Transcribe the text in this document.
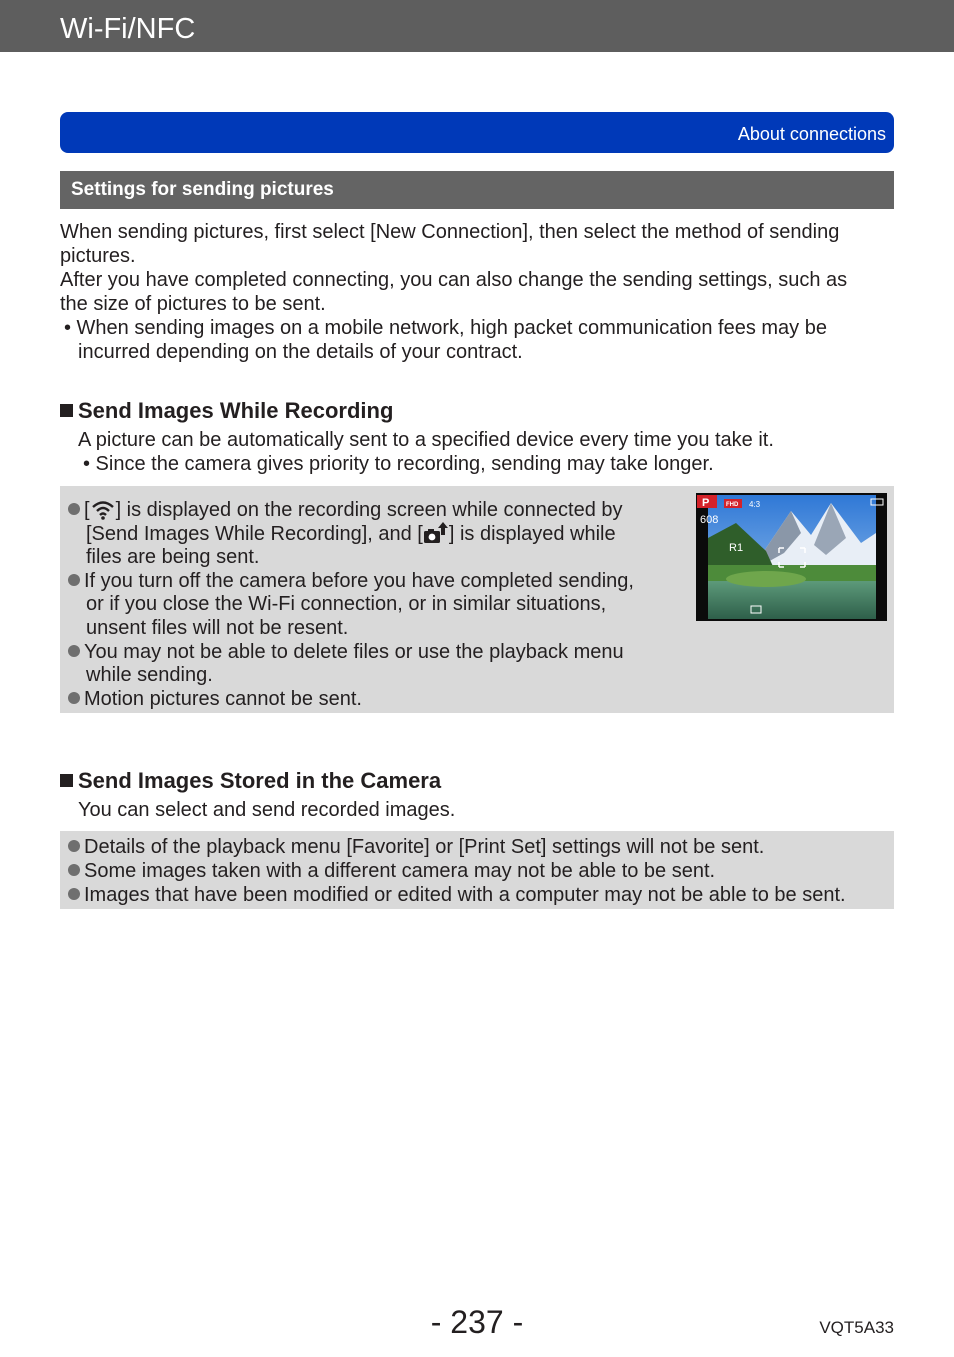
Wi-Fi/NFC
About connections
Settings for sending pictures
When sending pictures, first select [New Connection], then select the method of sending
pictures.
After you have completed connecting, you can also change the sending settings, such as
the size of pictures to be sent.
• When sending images on a mobile network, high packet communication fees may be
incurred depending on the details of your contract.
Send Images While Recording
A picture can be automatically sent to a specified device every time you take it.
• Since the camera gives priority to recording, sending may take longer.
[ ] is displayed on the recording screen while connected by
[Send Images While Recording], and [ ] is displayed while
files are being sent.
If you turn off the camera before you have completed sending,
or if you close the Wi-Fi connection, or in similar situations,
unsent files will not be resent.
You may not be able to delete files or use the playback menu
while sending.
Motion pictures cannot be sent.
P	FHD 4:3
608
R1
Send Images Stored in the Camera
You can select and send recorded images.
Details of the playback menu [Favorite] or [Print Set] settings will not be sent.
Some images taken with a different camera may not be able to be sent.
Images that have been modified or edited with a computer may not be able to be sent.
- 237 -	VQT5A33
